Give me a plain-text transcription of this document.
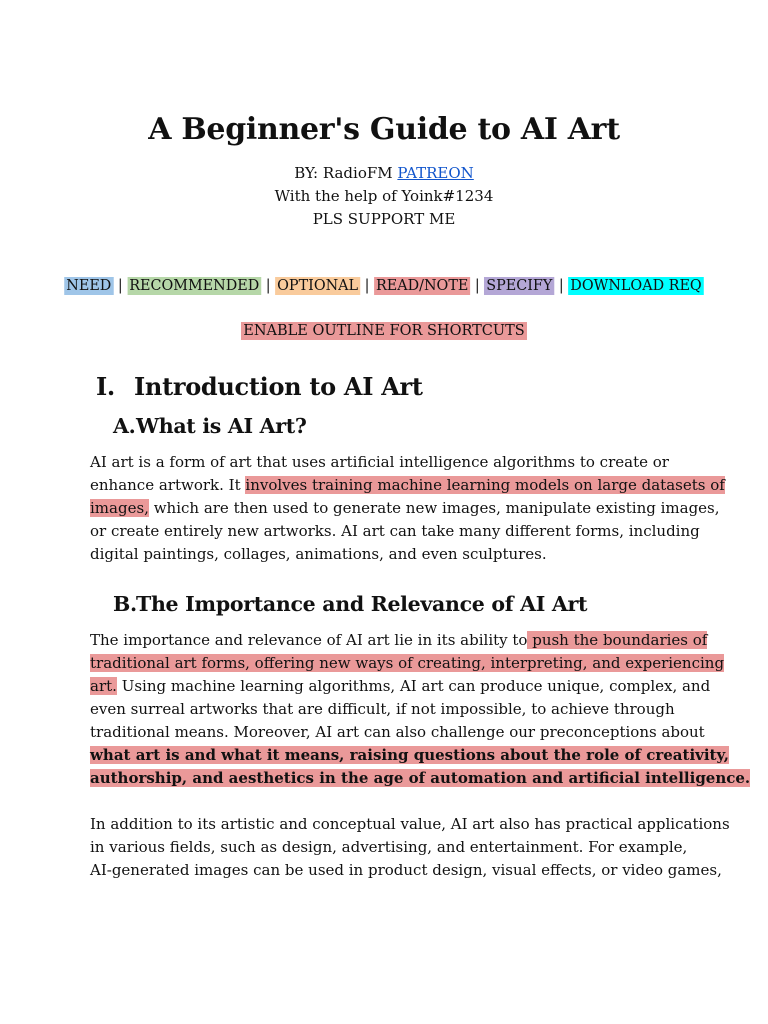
A Beginner's Guide to AI Art
BY: RadioFM PATREON
With the help of Yoink#1234
PLS SUPPORT ME
NEED | RECOMMENDED | OPTIONAL | READ/NOTE | SPECIFY | DOWNLOAD REQ
ENABLE OUTLINE FOR SHORTCUTS
I. Introduction to AI Art
A.What is AI Art?
AI art is a form of art that uses artificial intelligence algorithms to create or
enhance artwork. It involves training machine learning models on large datasets of
images, which are then used to generate new images, manipulate existing images,
or create entirely new artworks. AI art can take many different forms, including
digital paintings, collages, animations, and even sculptures.
B.The Importance and Relevance of AI Art
The importance and relevance of AI art lie in its ability to push the boundaries of
traditional art forms, offering new ways of creating, interpreting, and experiencing
art. Using machine learning algorithms, AI art can produce unique, complex, and
even surreal artworks that are difficult, if not impossible, to achieve through
traditional means. Moreover, AI art can also challenge our preconceptions about
what art is and what it means, raising questions about the role of creativity,
authorship, and aesthetics in the age of automation and artificial intelligence.
In addition to its artistic and conceptual value, AI art also has practical applications
in various fields, such as design, advertising, and entertainment. For example,
AI-generated images can be used in product design, visual effects, or video games,
